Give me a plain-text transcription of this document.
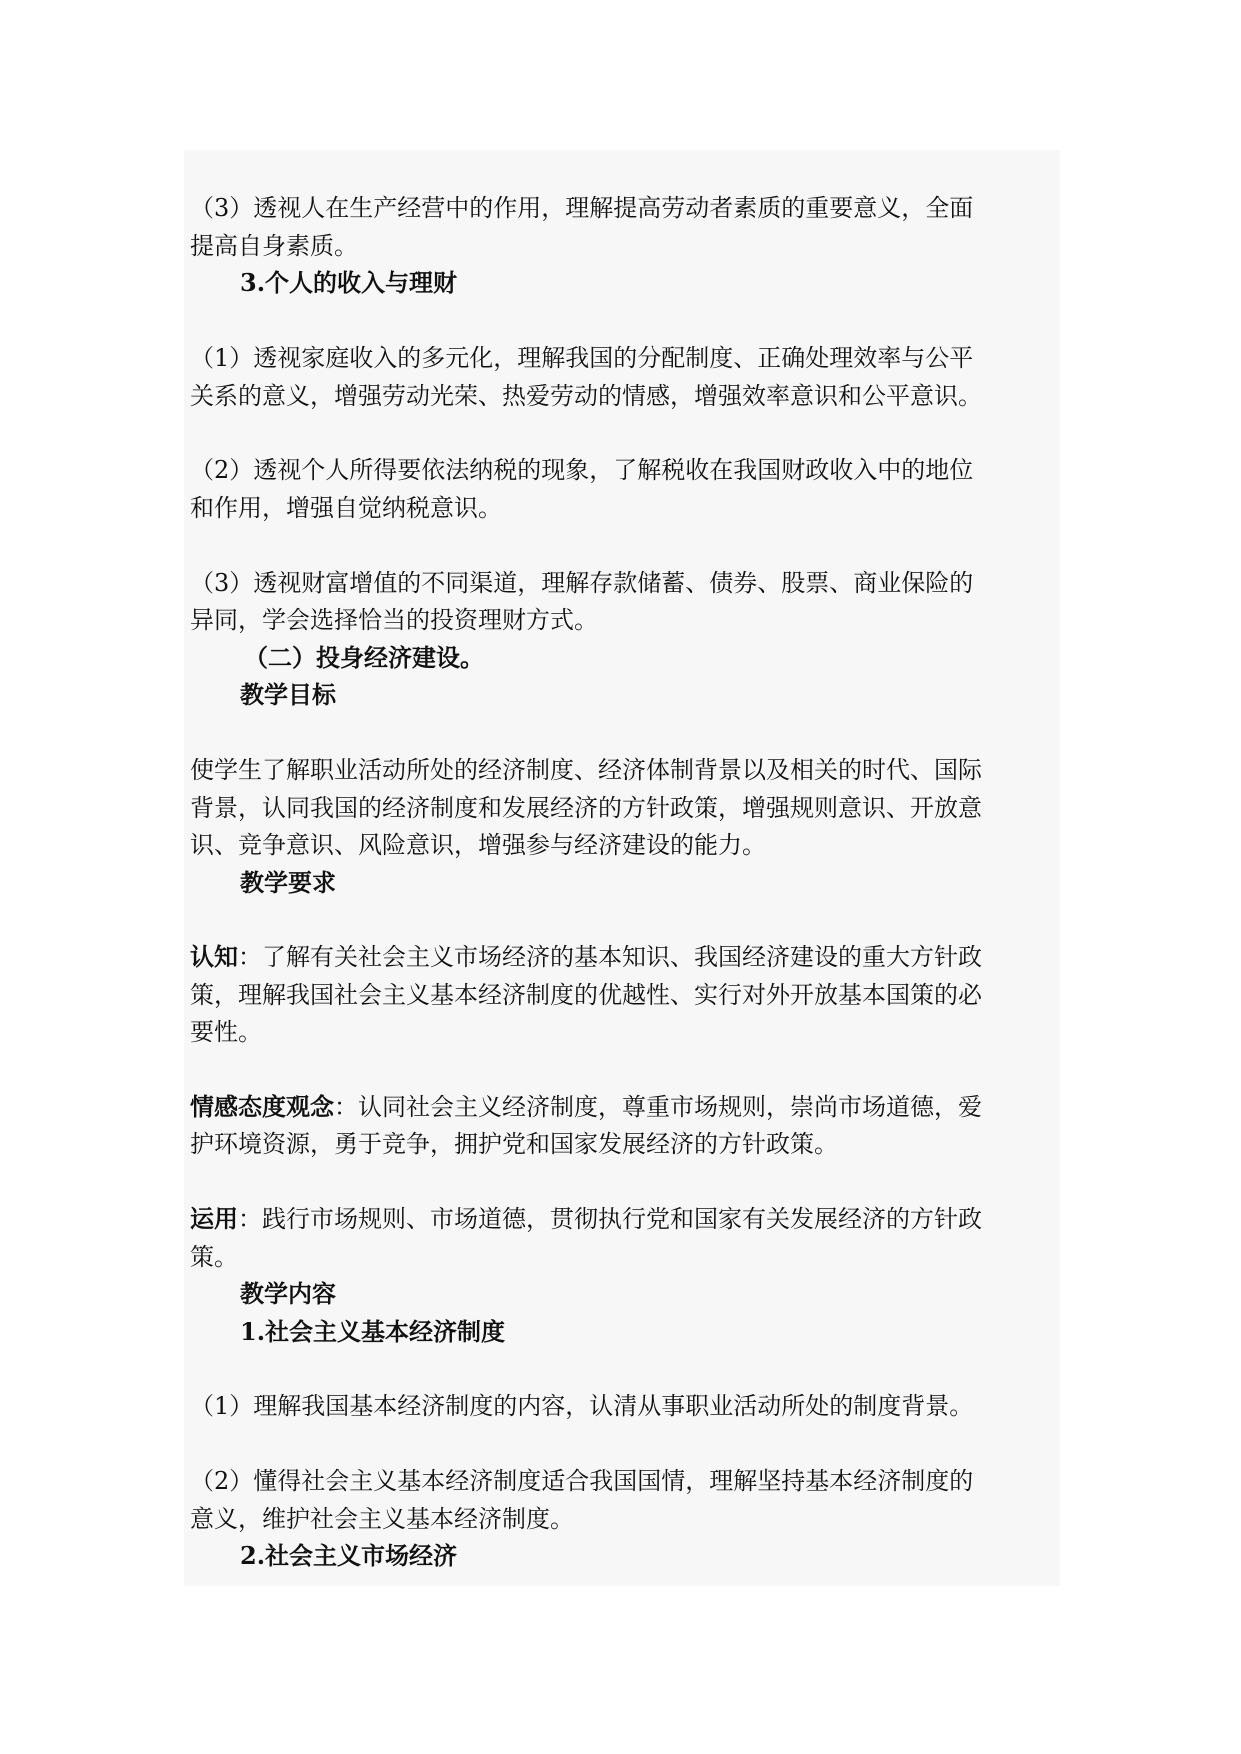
（3）透视人在生产经营中的作用，理解提高劳动者素质的重要意义，全面

提高自身素质。

3.个人的收入与理财

（1）透视家庭收入的多元化，理解我国的分配制度、正确处理效率与公平

关系的意义，增强劳动光荣、热爱劳动的情感，增强效率意识和公平意识。

（2）透视个人所得要依法纳税的现象，了解税收在我国财政收入中的地位

和作用，增强自觉纳税意识。

（3）透视财富增值的不同渠道，理解存款储蓄、债券、股票、商业保险的

异同，学会选择恰当的投资理财方式。

（二）投身经济建设。

教学目标

使学生了解职业活动所处的经济制度、经济体制背景以及相关的时代、国际

背景，认同我国的经济制度和发展经济的方针政策，增强规则意识、开放意

识、竞争意识、风险意识，增强参与经济建设的能力。

教学要求

认知：了解有关社会主义市场经济的基本知识、我国经济建设的重大方针政

策，理解我国社会主义基本经济制度的优越性、实行对外开放基本国策的必

要性。

情感态度观念：认同社会主义经济制度，尊重市场规则，崇尚市场道德，爱

护环境资源，勇于竞争，拥护党和国家发展经济的方针政策。

运用：践行市场规则、市场道德，贯彻执行党和国家有关发展经济的方针政

策。

教学内容

1.社会主义基本经济制度

（1）理解我国基本经济制度的内容，认清从事职业活动所处的制度背景。

（2）懂得社会主义基本经济制度适合我国国情，理解坚持基本经济制度的

意义，维护社会主义基本经济制度。

2.社会主义市场经济
